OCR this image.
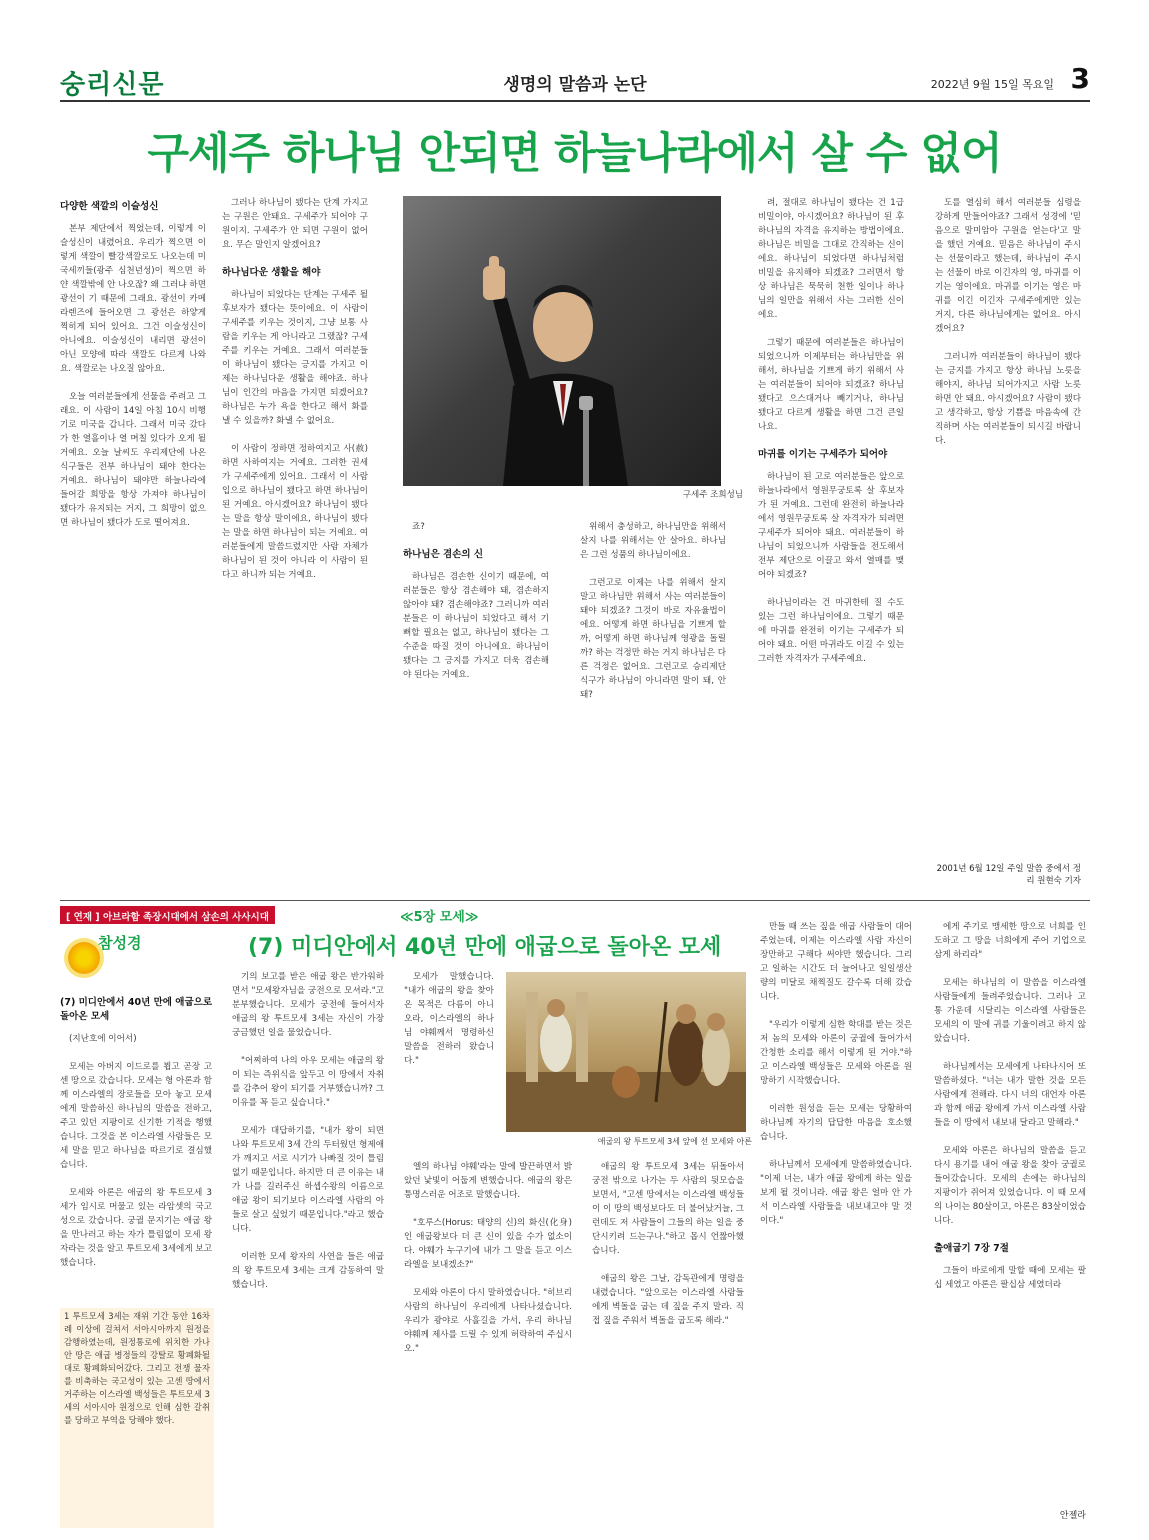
숭리신문	생명의 말씀과 논단	2022년 9월 15일 목요일 3
구세주 하나님 안되면 하늘나라에서 살 수 없어
다양한 색깔의 이슬성신

본부 제단에서 찍었는데, 이렇게 이슬성신이 내렸어요. 우리가 찍으면 이렇게 색깔이 빨강색깔로도 나오는데 미국세끼들(광주 심천년성)이 찍으면 하얀 색깔밖에 안 나오잖? 왜 그러냐 하면 광선이 기 때문에 그래요. 광선이 카메라렌즈에 들어오면 그 광선은 하얗게 찍히게 되어 있어요. 그건 이슬성신이 아니에요. 이슬성신이 내리면 광선이 아닌 모양에 따라 색깔도 다르게 나와요. 색깔로는 나오질 않아요.

오늘 여러분들에게 선물을 주려고 그래요. 이 사람이 14일 아침 10시 비행기로 미국을 갑니다. 그래서 미국 갔다가 한 열흘이나 열 며칠 있다가 오게 될 거예요. 오늘 날씨도 우리제단에 나온 식구들은 전부 하나님이 돼야 한다는 거예요. 하나님이 돼야만 하늘나라에 들어갈 희망을 항상 가져야 하나님이 됐다가 유지되는 거지, 그 희망이 없으면 하나님이 됐다가 도로 떨어져요.

그러나 하나님이 됐다는 단계 가지고는 구원은 안돼요. 구세주가 되어야 구원이지. 구세주가 안 되면 구원이 없어요. 무슨 말인지 알겠어요?

하나님다운 생활을 해야

하나님이 되었다는 단계는 구세주 될 후보자가 됐다는 뜻이에요. 이 사람이 구세주를 키우는 것이지, 그냥 보통 사람을 키우는 게 아니라고 그랬잖? 구세주를 키우는 거예요. 그래서 여러분들이 하나님이 됐다는 긍지를 가지고 이제는 하나님다운 생활을 해야죠. 하나님이 인간의 마음을 가지면 되겠어요? 하나님은 누가 욕을 한다고 해서 화를 낼 수 있을까? 화낼 수 없어요.

이 사람이 정하면 정하여지고 사(赦)하면 사하여지는 거예요. 그러한 권세가 구세주에게 있어요. 그래서 이 사람 입으로 하나님이 됐다고 하면 하나님이 된 거예요. 아시겠어요? 하나님이 됐다는 말을 항상 말이에요, 하나님이 됐다는 말을 하면 하나님이 되는 거예요. 여러분들에게 말씀드렸지만 사람 자체가 하나님이 된 것이 아니라 이 사람이 된다고 하니까 되는 거예요.

구세주 조희성님

죠?

하나님은 겸손의 신

하나님은 겸손한 신이기 때문에, 여러분들은 항상 겸손해야 돼, 겸손하지 않아야 돼? 겸손해야죠? 그러니까 여러분들은 이 하나님이 되었다고 해서 기뻐할 필요는 없고, 하나님이 됐다는 그 수준을 따질 것이 아니에요. 하나님이 됐다는 그 긍지를 가지고 더욱 겸손해야 된다는 거예요.

위해서 충성하고, 하나님만을 위해서 살지 나를 위해서는 안 살아요. 하나님은 그런 성품의 하나님이에요.

그런고로 이제는 나를 위해서 살지 말고 하나님만 위해서 사는 여러분들이 돼야 되겠죠? 그것이 바로 자유율법이에요. 어떻게 하면 하나님을 기쁘게 할까, 어떻게 하면 하나님께 영광을 돌릴까? 하는 걱정만 하는 거지 하나님은 다른 걱정은 없어요. 그런고로 승리제단 식구가 하나님이 아니라면 말이 돼, 안 돼?

려, 절대로 하나님이 됐다는 건 1급 비밀이야, 아시겠어요? 하나님이 된 후 하나님의 자격을 유지하는 방법이에요. 하나님은 비밀을 그대로 간직하는 신이에요. 하나님이 되었다면 하나님처럼 비밀을 유지해야 되겠죠? 그러면서 항상 하나님은 묵묵히 천한 일이나 하나님의 일만을 위해서 사는 그러한 신이에요.

그렇기 때문에 여러분들은 하나님이 되었으니까 이제부터는 하나님만을 위해서, 하나님을 기쁘게 하기 위해서 사는 여러분들이 되어야 되겠죠? 하나님 됐다고 으스대거나 빼기거나, 하나님 됐다고 다르게 생활을 하면 그건 큰일 나요.

마귀를 이기는 구세주가 되어야

하나님이 된 고로 여러분들은 앞으로 하늘나라에서 영원무궁토록 살 후보자가 된 거예요. 그런데 완전히 하늘나라에서 영원무궁토록 살 자격자가 되려면 구세주가 되어야 돼요. 여러분들이 하나님이 되었으니까 사람들을 전도해서 전부 제단으로 이끌고 와서 열매를 맺어야 되겠죠?

하나님이라는 건 마귀한테 질 수도 있는 그런 하나님이에요. 그렇기 때문에 마귀를 완전히 이기는 구세주가 되어야 돼요. 어떤 마귀라도 이길 수 있는 그러한 자격자가 구세주예요.

도를 열심히 해서 여러분들 심령을 강하게 만들어야죠? 그래서 성경에 '믿음으로 말미암아 구원을 얻는다'고 말을 했던 거예요. 믿음은 하나님이 주시는 선물이라고 했는데, 하나님이 주시는 선물이 바로 이긴자의 영, 마귀를 이기는 영이에요. 마귀를 이기는 영은 마귀를 이긴 이긴자 구세주에게만 있는 거지, 다른 하나님에게는 없어요. 아시겠어요?

그러니까 여러분들이 하나님이 됐다는 긍지를 가지고 항상 하나님 노릇을 해야지, 하나님 되어가지고 사람 노릇하면 안 돼요. 아시겠어요? 사람이 됐다고 생각하고, 항상 기쁨을 마음속에 간직하며 사는 여러분들이 되시길 바랍니다.

2001년 6월 12일 주일 말씀 중에서 정리 원현숙 기자
[ 연재 ] 아브라함 족장시대에서 삼손의 사사시대까지
참성경
≪5장 모세≫
(7) 미디안에서 40년 만에 애굽으로 돌아온 모세
(7) 미디안에서 40년 만에 애굽으로 돌아온 모세

(지난호에 이어서)

모세는 아버지 이드로를 뵙고 곧장 고센 땅으로 갔습니다. 모세는 형 아론과 함께 이스라엘의 장로들을 모아 놓고 모세에게 말씀하신 하나님의 말씀을 전하고, 주고 있던 지팡이로 신기한 기적을 행했습니다. 그것을 본 이스라엘 사람들은 모세 말을 믿고 하나님을 따르기로 결심했습니다.

모세와 아론은 애굽의 왕 투트모세 3세가 임시로 머물고 있는 라암셋의 국고성으로 갔습니다. 궁궐 문지기는 애굽 왕을 만나러고 하는 자가 틀림없이 모세 왕자라는 것을 알고 투트모세 3세에게 보고했습니다.

1 투트모세 3세는 재위 기간 동안 16차례 이상에 걸쳐서 서아시아까지 원정을 감행하였는데, 원정통로에 위치한 가나안 땅은 애굽 병정들의 강탈로 황폐화될 대로 황폐화되어갔다. 그리고 전쟁 물자를 비축하는 국고성이 있는 고센 땅에서 거주하는 이스라엘 백성들은 투트모세 3세의 서아시아 원정으로 인해 심한 갈취를 당하고 부역을 당해야 했다.

기의 보고를 받은 애굽 왕은 반가워하면서 "모세왕자님을 궁전으로 모셔라."고 분부했습니다. 모세가 궁전에 들어서자 애굽의 왕 투트모세 3세는 자신이 가장 궁금했던 일을 물었습니다.

"어찌하여 나의 아우 모세는 애굽의 왕이 되는 즉위식을 앞두고 이 땅에서 자취를 감추어 왕이 되기를 거부했습니까? 그 이유를 꼭 듣고 싶습니다."

모세가 대답하기를, "내가 왕이 되면 나와 투트모세 3세 간의 두터웠던 형제애가 깨지고 서로 시기가 나빠질 것이 틀림없기 때문입니다. 하지만 더 큰 이유는 내가 나를 길러주신 하셉수왕의 이름으로 애굽 왕이 되기보다 이스라엘 사람의 아들로 살고 싶었기 때문입니다."라고 했습니다.

이러한 모세 왕자의 사연을 들은 애굽의 왕 투트모세 3세는 크게 감동하여 말했습니다.

모세가 말했습니다. "내가 애굽의 왕을 찾아온 목적은 다름이 아니오라, 이스라엘의 하나님 야훼께서 명령하신 말씀을 전하러 왔습니다."

애굽의 왕 투트모세 3세 앞에 선 모세와 아론

엘의 하나님 야훼'라는 말에 발끈하면서 밝았던 낯빛이 어둡게 변했습니다. 애굽의 왕은 퉁명스러운 어조로 말했습니다.

"호루스(Horus: 태양의 신)의 화신(化身)인 애굽왕보다 더 큰 신이 있을 수가 없소이다. 야훼가 누구기에 내가 그 말을 듣고 이스라엘을 보내겠소?"

모세와 아론이 다시 말하였습니다. "히브리 사람의 하나님이 우리에게 나타나셨습니다. 우리가 광야로 사흘길을 가서, 우리 하나님 야훼께 제사를 드릴 수 있게 허락하여 주십시오."

애굽의 왕 투트모세 3세는 뒤돌아서 궁전 밖으로 나가는 두 사람의 뒷모습을 보면서, "고센 땅에서는 이스라엘 백성들이 이 땅의 백성보다도 더 불어났거늘, 그런데도 저 사람들이 그들의 하는 일을 중단시키려 드는구나."하고 몹시 언짢아했습니다.

애굽의 왕은 그날, 감독관에게 명령을 내렸습니다. "앞으로는 이스라엘 사람들에게 벽돌을 굽는 데 짚을 주지 말라. 직접 짚을 주워서 벽돌을 굽도록 해라."

만들 때 쓰는 짚을 애굽 사람들이 대어 주었는데, 이제는 이스라엘 사람 자신이 장만하고 구해다 써야만 했습니다. 그리고 일하는 시간도 더 늘어나고 일일생산량의 미달로 채찍질도 갈수록 더해 갔습니다.

"우리가 이렇게 심한 학대를 받는 것은 저 놈의 모세와 아론이 궁궐에 들어가서 간청한 소리를 해서 이렇게 된 거야."하고 이스라엘 백성들은 모세와 아론을 원망하기 시작했습니다.

이러한 원성을 듣는 모세는 당황하여 하나님께 자기의 답답한 마음을 호소했습니다.

하나님께서 모세에게 말씀하였습니다. "이제 너는, 내가 애굽 왕에게 하는 일을 보게 될 것이니라. 애굽 왕은 얼마 안 가서 이스라엘 사람들을 내보내고야 말 것이다."

에게 주기로 맹세한 땅으로 너희를 인도하고 그 땅을 너희에게 주어 기업으로 삼게 하리라"

모세는 하나님의 이 말씀을 이스라엘 사람들에게 들려주었습니다. 그러나 고통 가운데 시달리는 이스라엘 사람들은 모세의 이 말에 귀를 기울이려고 하지 않았습니다.

하나님께서는 모세에게 나타나시어 또 말씀하셨다. "너는 내가 말한 것을 모든 사람에게 전해라. 다시 너의 대언자 아론과 함께 애굽 왕에게 가서 이스라엘 사람들을 이 땅에서 내보내 달라고 말해라."

모세와 아론은 하나님의 말씀을 듣고 다시 용기를 내어 애굽 왕을 찾아 궁궐로 들어갔습니다. 모세의 손에는 하나님의 지팡이가 쥐어져 있었습니다. 이 때 모세의 나이는 80살이고, 아론은 83살이었습니다.

출애굽기 7장 7절

그들이 바로에게 말할 때에 모세는 팔십 세였고 아론은 팔십삼 세였더라

안젤라
